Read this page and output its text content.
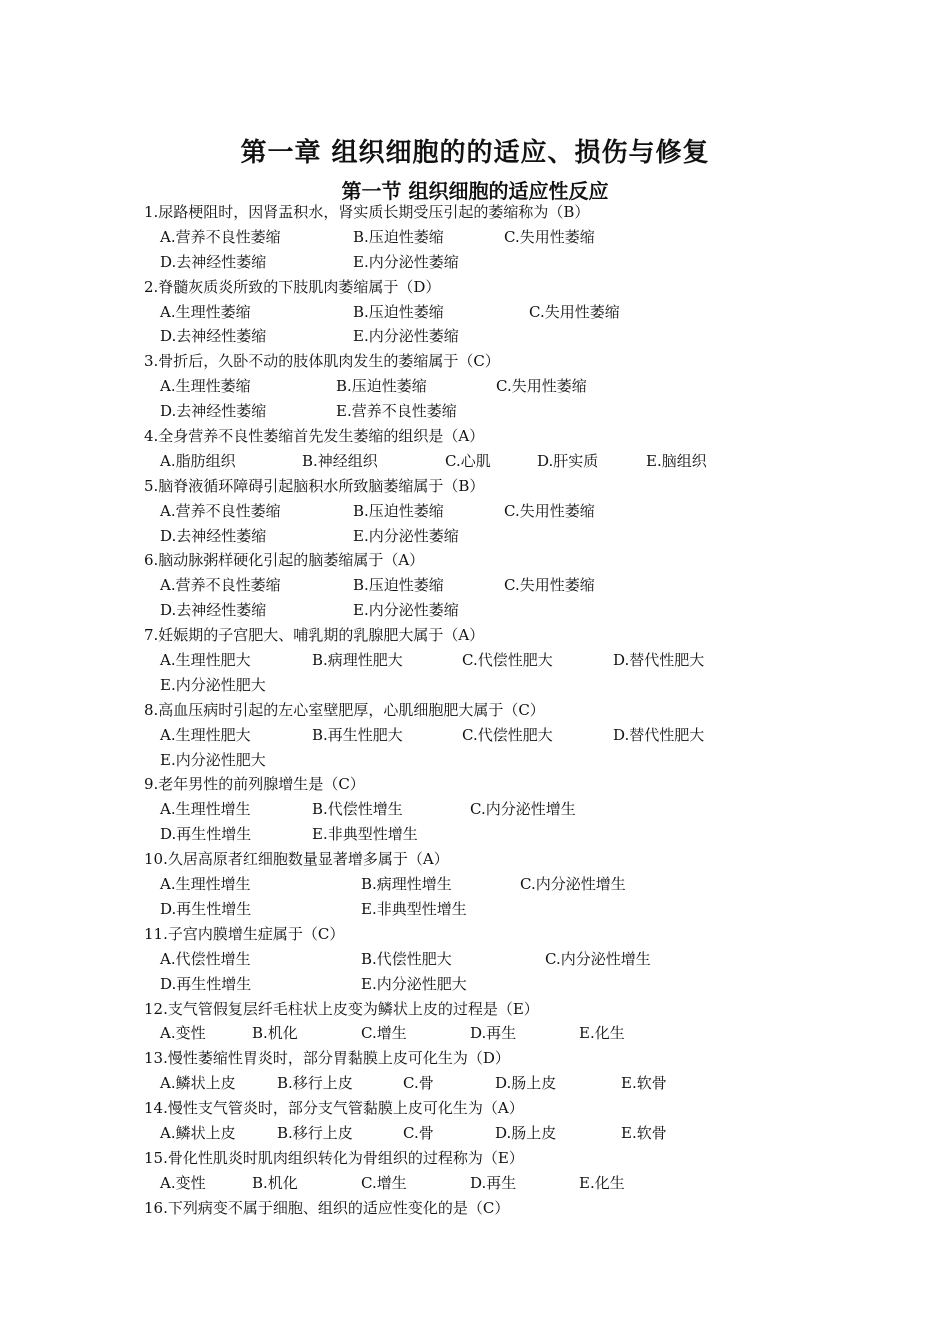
第一章 组织细胞的的适应、损伤与修复
第一节 组织细胞的适应性反应
1.尿路梗阻时，因肾盂积水，肾实质长期受压引起的萎缩称为（B）
A.营养不良性萎缩	B.压迫性萎缩	C.失用性萎缩
D.去神经性萎缩	E.内分泌性萎缩
2.脊髓灰质炎所致的下肢肌肉萎缩属于（D）
A.生理性萎缩	B.压迫性萎缩	C.失用性萎缩
D.去神经性萎缩	E.内分泌性萎缩
3.骨折后，久卧不动的肢体肌肉发生的萎缩属于（C）
A.生理性萎缩	B.压迫性萎缩	C.失用性萎缩
D.去神经性萎缩	E.营养不良性萎缩
4.全身营养不良性萎缩首先发生萎缩的组织是（A）
A.脂肪组织	B.神经组织	C.心肌	D.肝实质	E.脑组织
5.脑脊液循环障碍引起脑积水所致脑萎缩属于（B）
A.营养不良性萎缩	B.压迫性萎缩	C.失用性萎缩
D.去神经性萎缩	E.内分泌性萎缩
6.脑动脉粥样硬化引起的脑萎缩属于（A）
A.营养不良性萎缩	B.压迫性萎缩	C.失用性萎缩
D.去神经性萎缩	E.内分泌性萎缩
7.妊娠期的子宫肥大、哺乳期的乳腺肥大属于（A）
A.生理性肥大	B.病理性肥大	C.代偿性肥大	D.替代性肥大
E.内分泌性肥大
8.高血压病时引起的左心室壁肥厚，心肌细胞肥大属于（C）
A.生理性肥大	B.再生性肥大	C.代偿性肥大	D.替代性肥大
E.内分泌性肥大
9.老年男性的前列腺增生是（C）
A.生理性增生	B.代偿性增生	C.内分泌性增生
D.再生性增生	E.非典型性增生
10.久居高原者红细胞数量显著增多属于（A）
A.生理性增生	B.病理性增生	C.内分泌性增生
D.再生性增生	E.非典型性增生
11.子宫内膜增生症属于（C）
A.代偿性增生	B.代偿性肥大	C.内分泌性增生
D.再生性增生	E.内分泌性肥大
12.支气管假复层纤毛柱状上皮变为鳞状上皮的过程是（E）
A.变性	B.机化	C.增生	D.再生	E.化生
13.慢性萎缩性胃炎时，部分胃黏膜上皮可化生为（D）
A.鳞状上皮	B.移行上皮	C.骨	D.肠上皮	E.软骨
14.慢性支气管炎时，部分支气管黏膜上皮可化生为（A）
A.鳞状上皮	B.移行上皮	C.骨	D.肠上皮	E.软骨
15.骨化性肌炎时肌肉组织转化为骨组织的过程称为（E）
A.变性	B.机化	C.增生	D.再生	E.化生
16.下列病变不属于细胞、组织的适应性变化的是（C）
